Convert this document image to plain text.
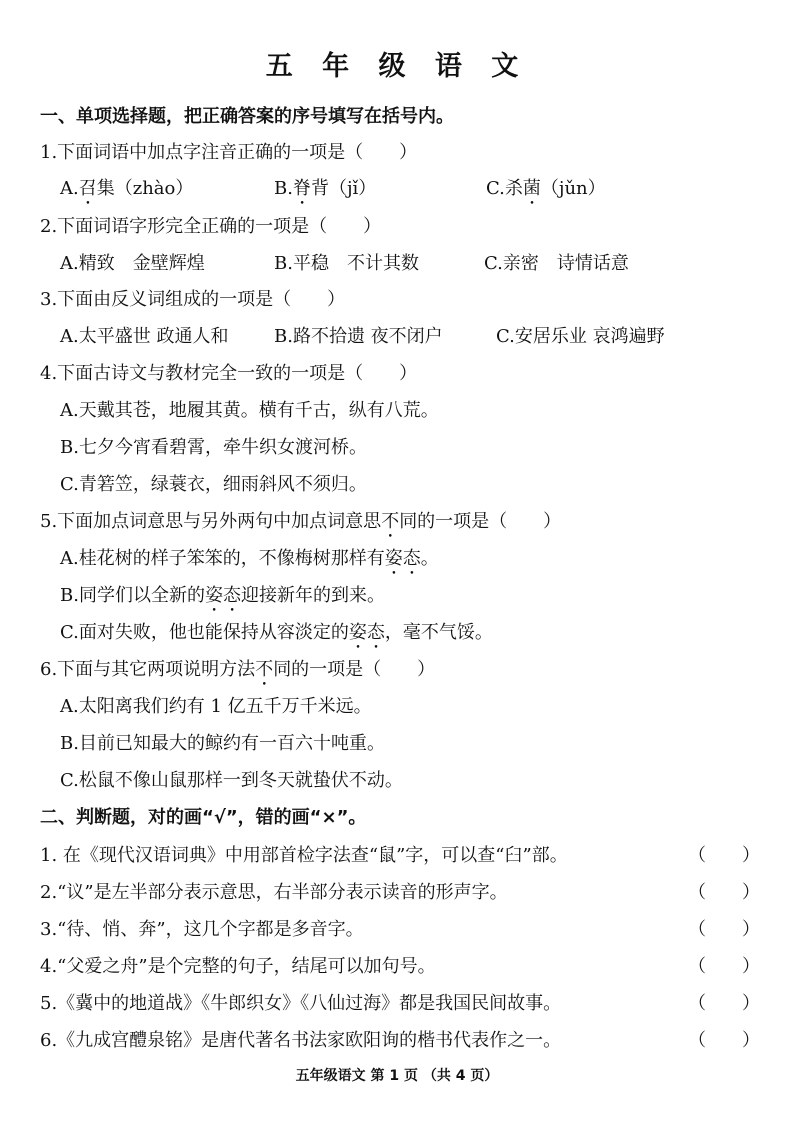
五 年 级 语 文
一、单项选择题，把正确答案的序号填写在括号内。
1.下面词语中加点字注音正确的一项是（　　）
A.召集（zhào）	B.脊背（jǐ）	C.杀菌（jǔn）
2.下面词语字形完全正确的一项是（　　）
A.精致　金壁辉煌	B.平稳　不计其数	C.亲密　诗情话意
3.下面由反义词组成的一项是（　　）
A.太平盛世 政通人和	B.路不拾遗 夜不闭户	C.安居乐业 哀鸿遍野
4.下面古诗文与教材完全一致的一项是（　　）
A.天戴其苍，地履其黄。横有千古，纵有八荒。
B.七夕今宵看碧霄，牵牛织女渡河桥。
C.青箬笠，绿蓑衣，细雨斜风不须归。
5.下面加点词意思与另外两句中加点词意思不同的一项是（　　）
A.桂花树的样子笨笨的，不像梅树那样有姿态。
B.同学们以全新的姿态迎接新年的到来。
C.面对失败，他也能保持从容淡定的姿态，毫不气馁。
6.下面与其它两项说明方法不同的一项是（　　）
A.太阳离我们约有 1 亿五千万千米远。
B.目前已知最大的鲸约有一百六十吨重。
C.松鼠不像山鼠那样一到冬天就蛰伏不动。
二、判断题，对的画“√”，错的画“×”。
1. 在《现代汉语词典》中用部首检字法查“鼠”字，可以查“臼”部。	（　　）
2.“议”是左半部分表示意思，右半部分表示读音的形声字。	（　　）
3.“待、悄、奔”，这几个字都是多音字。	（　　）
4.“父爱之舟”是个完整的句子，结尾可以加句号。	（　　）
5.《冀中的地道战》《牛郎织女》《八仙过海》都是我国民间故事。	（　　）
6.《九成宫醴泉铭》是唐代著名书法家欧阳询的楷书代表作之一。	（　　）
五年级语文 第 1 页 （共 4 页）
